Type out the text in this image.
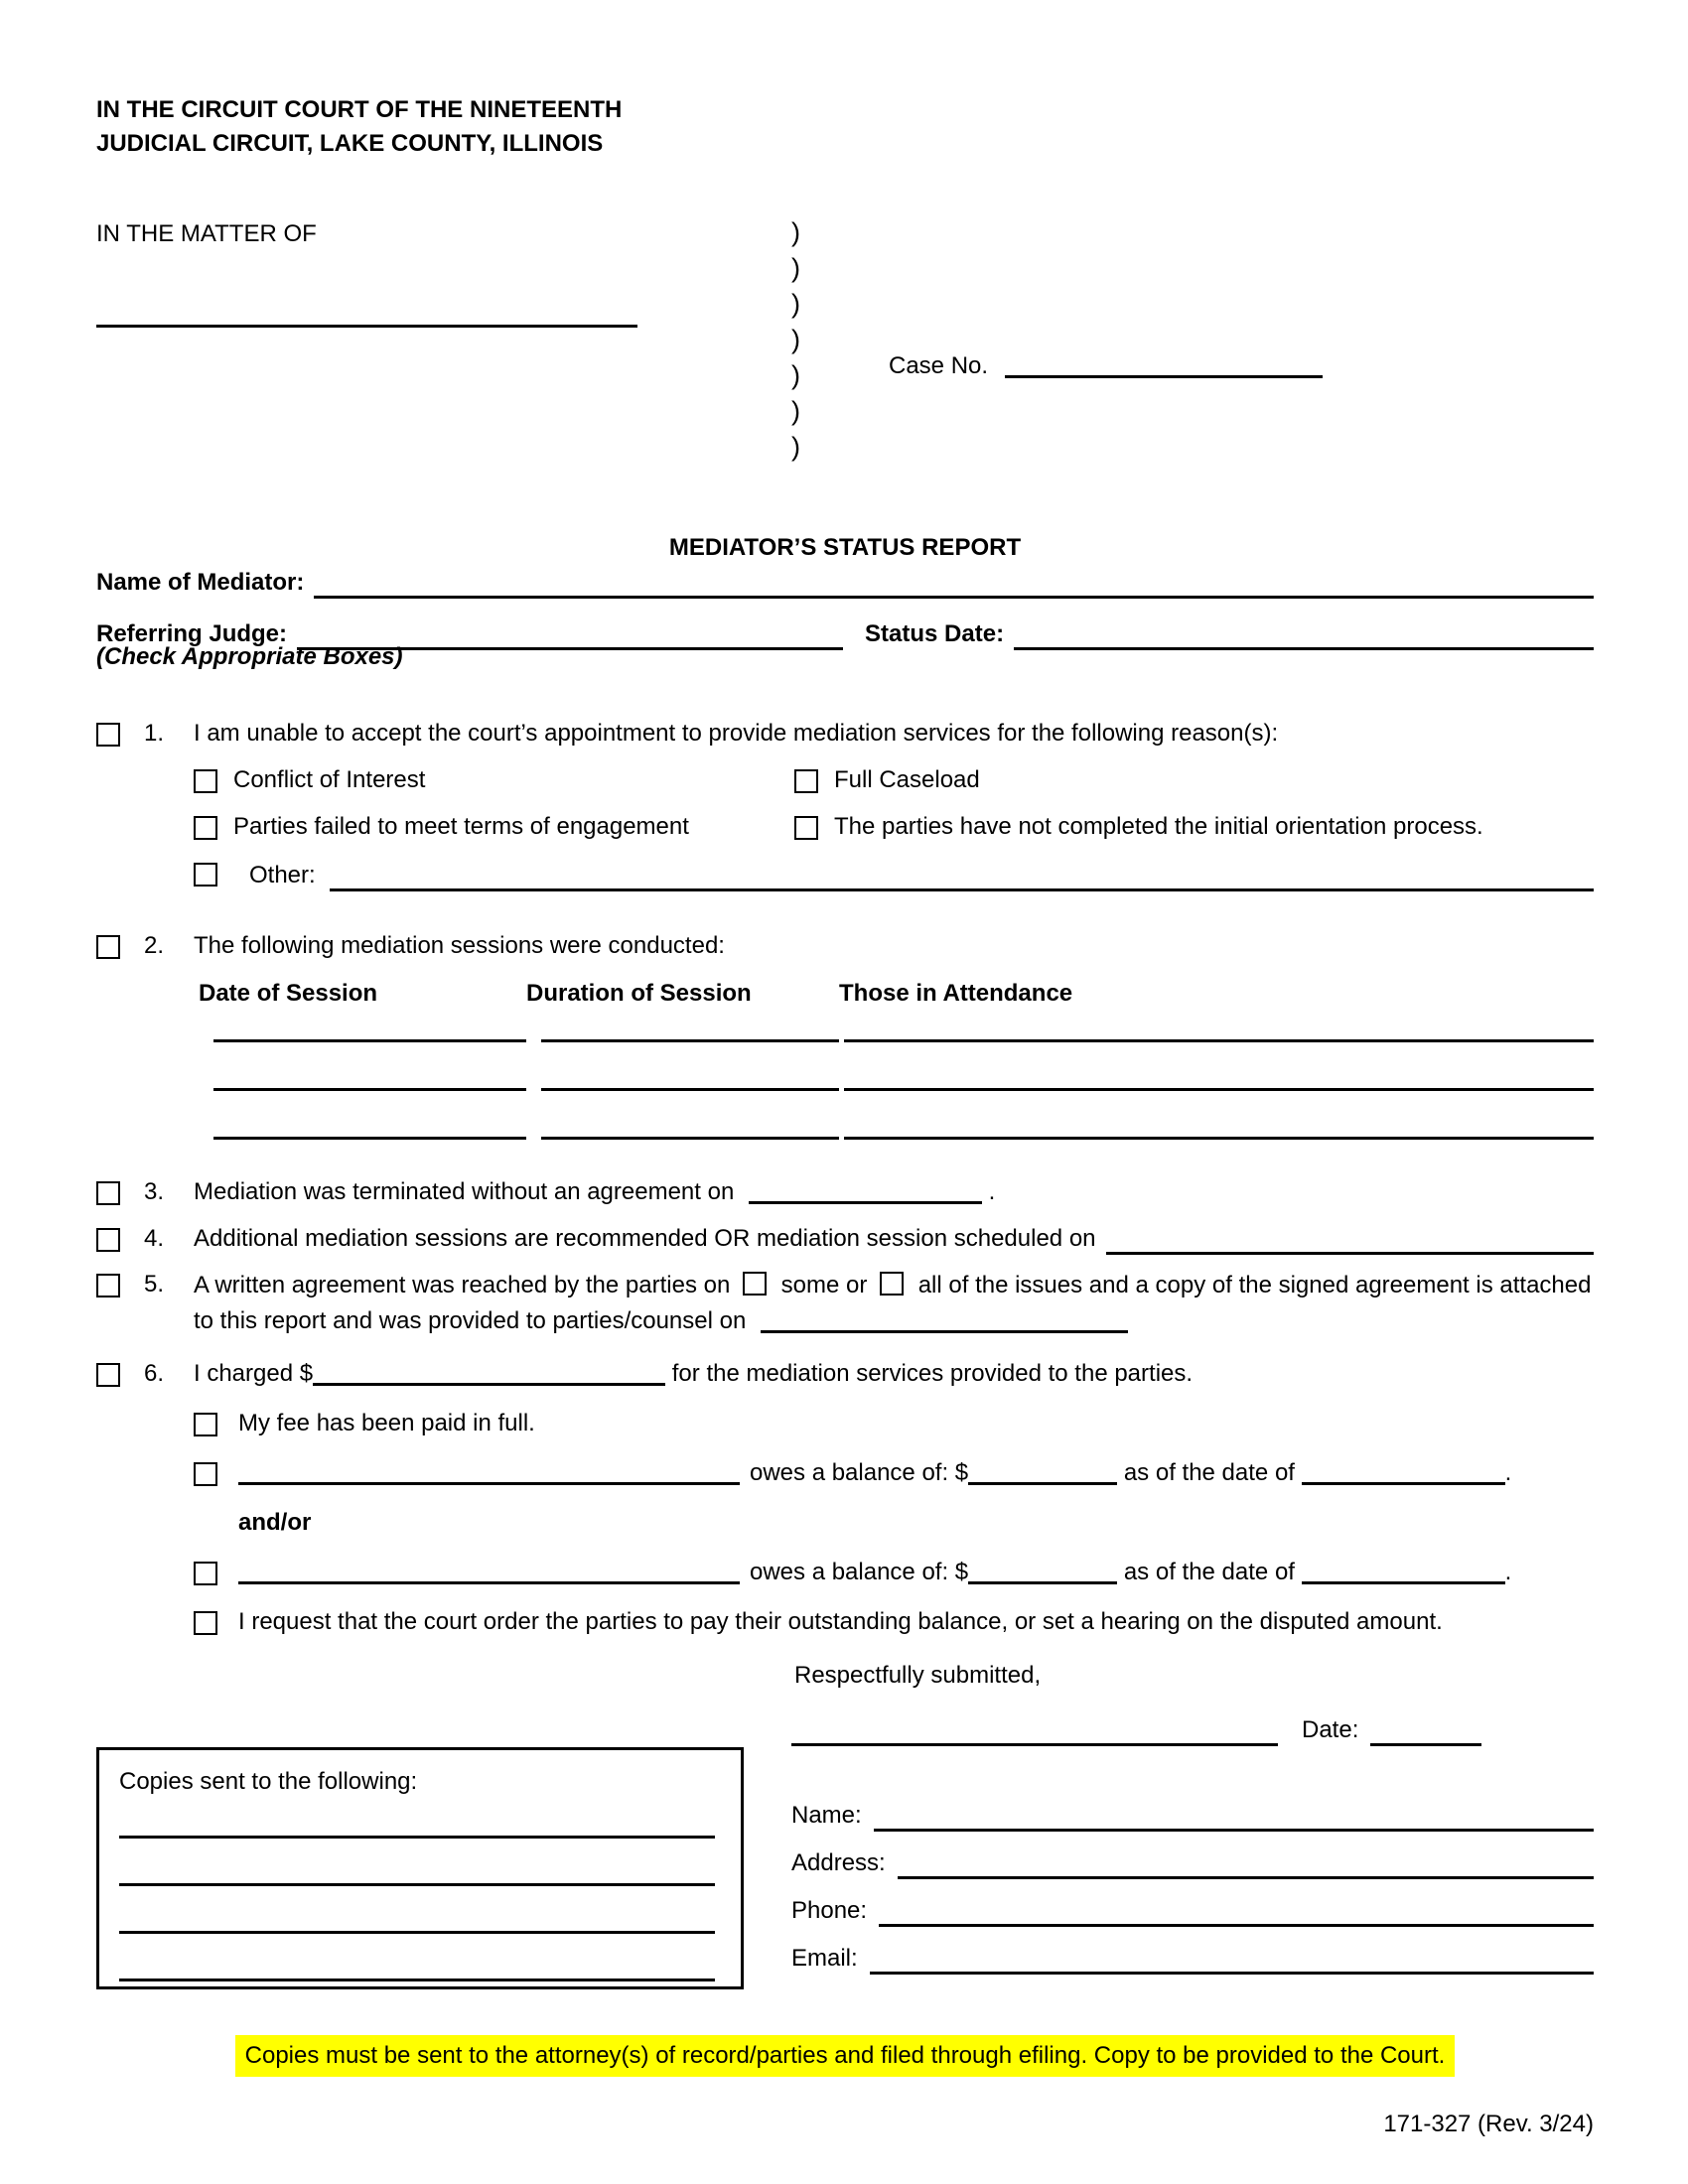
IN THE CIRCUIT COURT OF THE NINETEENTH
JUDICIAL CIRCUIT, LAKE COUNTY, ILLINOIS
IN THE MATTER OF	)
)
)
)
)
)
)
Case No.
MEDIATOR’S STATUS REPORT
Name of Mediator:
Referring Judge:	Status Date:
(Check Appropriate Boxes)
1.	I am unable to accept the court’s appointment to provide mediation services for the following reason(s):

Conflict of Interest	Full Caseload
Parties failed to meet terms of engagement	The parties have not completed the initial orientation process.
Other:
2.	The following mediation sessions were conducted:

Date of Session	Duration of Session	Those in Attendance
3.	Mediation was terminated without an agreement on	.

4.	Additional mediation sessions are recommended OR mediation session scheduled on

5.	A written agreement was reached by the parties on some or all of the issues and a copy of the signed agreement is attached to this report and was provided to parties/counsel on

6.	I charged $	for the mediation services provided to the parties.

My fee has been paid in full.

owes a balance of: $	as of the date of	.

and/or

owes a balance of: $	as of the date of	.

I request that the court order the parties to pay their outstanding balance, or set a hearing on the disputed amount.

Respectfully submitted,
Copies sent to the following:
Date:
Name:
Address:
Phone:
Email:
Copies must be sent to the attorney(s) of record/parties and filed through efiling. Copy to be provided to the Court.
171-327 (Rev. 3/24)
